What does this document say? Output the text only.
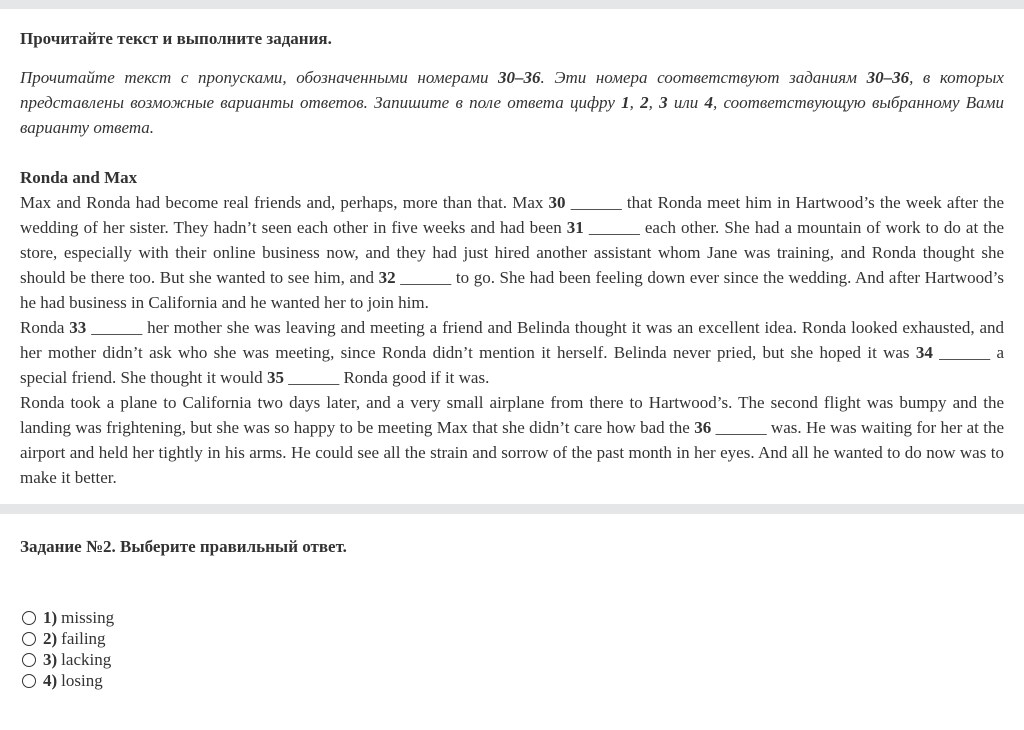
Прочитайте текст и выполните задания.

Прочитайте текст с пропусками, обозначенными номерами 30–36. Эти номера соответствуют заданиям 30–36, в которых представлены возможные варианты ответов. Запишите в поле ответа цифру 1, 2, 3 или 4, соответствующую выбранному Вами варианту ответа.

Ronda and Max

Max and Ronda had become real friends and, perhaps, more than that. Max 30 ______ that Ronda meet him in Hartwood’s the week after the wedding of her sister. They hadn’t seen each other in five weeks and had been 31 ______ each other. She had a mountain of work to do at the store, especially with their online business now, and they had just hired another assistant whom Jane was training, and Ronda thought she should be there too. But she wanted to see him, and 32 ______ to go. She had been feeling down ever since the wedding. And after Hartwood’s he had business in California and he wanted her to join him.

Ronda 33 ______ her mother she was leaving and meeting a friend and Belinda thought it was an excellent idea. Ronda looked exhausted, and her mother didn’t ask who she was meeting, since Ronda didn’t mention it herself. Belinda never pried, but she hoped it was 34 ______ a special friend. She thought it would 35 ______ Ronda good if it was.

Ronda took a plane to California two days later, and a very small airplane from there to Hartwood’s. The second flight was bumpy and the landing was frightening, but she was so happy to be meeting Max that she didn’t care how bad the 36 ______ was. He was waiting for her at the airport and held her tightly in his arms. He could see all the strain and sorrow of the past month in her eyes. And all he wanted to do now was to make it better.

Задание №2. Выберите правильный ответ.
1) missing
2) failing
3) lacking
4) losing
